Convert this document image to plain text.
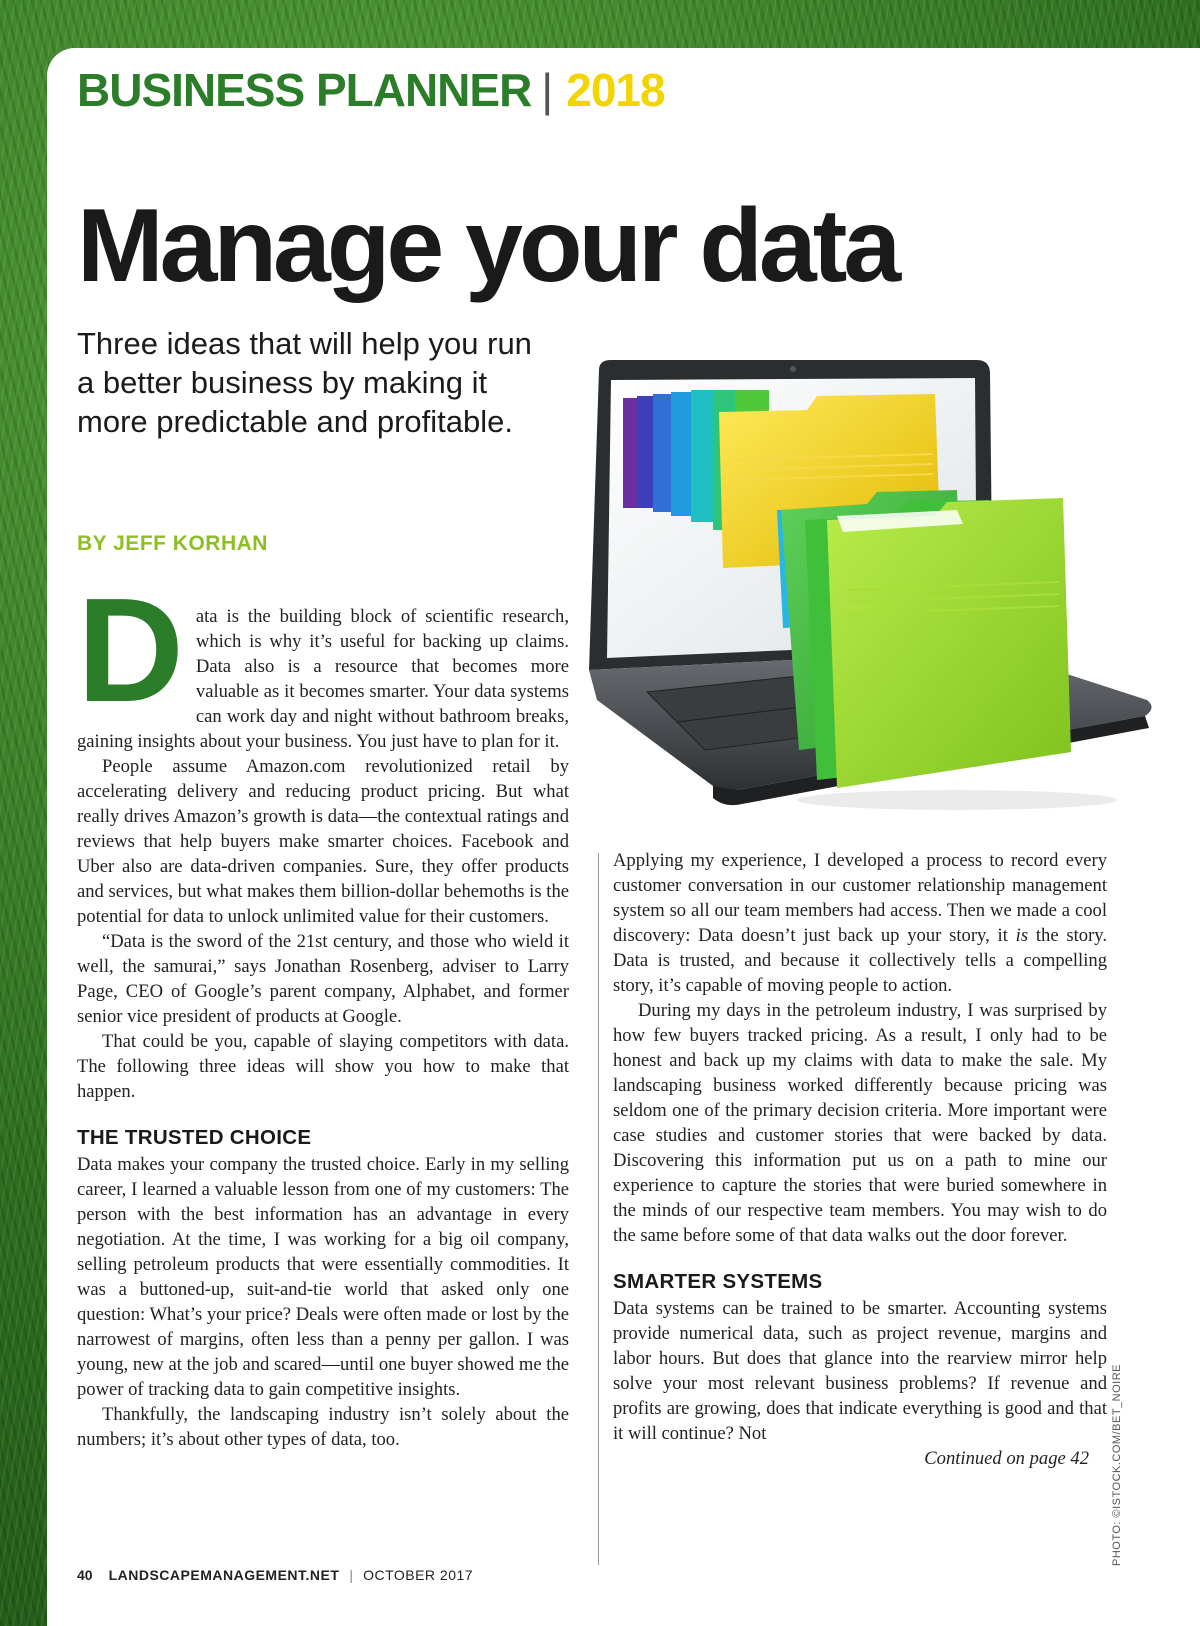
BUSINESS PLANNER | 2018
Manage your data
Three ideas that will help you run a better business by making it more predictable and profitable.
BY JEFF KORHAN
D ata is the building block of scientific research, which is why it’s useful for backing up claims. Data also is a resource that becomes more valuable as it becomes smarter. Your data systems can work day and night without bathroom breaks, gaining insights about your business. You just have to plan for it.

People assume Amazon.com revolutionized retail by accelerating delivery and reducing product pricing. But what really drives Amazon’s growth is data—the contextual ratings and reviews that help buyers make smarter choices. Facebook and Uber also are data-driven companies. Sure, they offer products and services, but what makes them billion-dollar behemoths is the potential for data to unlock unlimited value for their customers.

“Data is the sword of the 21st century, and those who wield it well, the samurai,” says Jonathan Rosenberg, adviser to Larry Page, CEO of Google’s parent company, Alphabet, and former senior vice president of products at Google.

That could be you, capable of slaying competitors with data. The following three ideas will show you how to make that happen.

THE TRUSTED CHOICE

Data makes your company the trusted choice. Early in my selling career, I learned a valuable lesson from one of my customers: The person with the best information has an advantage in every negotiation. At the time, I was working for a big oil company, selling petroleum products that were essentially commodities. It was a buttoned-up, suit-and-tie world that asked only one question: What’s your price? Deals were often made or lost by the narrowest of margins, often less than a penny per gallon. I was young, new at the job and scared—until one buyer showed me the power of tracking data to gain competitive insights.

Thankfully, the landscaping industry isn’t solely about the numbers; it’s about other types of data, too.

Applying my experience, I developed a process to record every customer conversation in our customer relationship management system so all our team members had access. Then we made a cool discovery: Data doesn’t just back up your story, it is the story. Data is trusted, and because it collectively tells a compelling story, it’s capable of moving people to action.

During my days in the petroleum industry, I was surprised by how few buyers tracked pricing. As a result, I only had to be honest and back up my claims with data to make the sale. My landscaping business worked differently because pricing was seldom one of the primary decision criteria. More important were case studies and customer stories that were backed by data. Discovering this information put us on a path to mine our experience to capture the stories that were buried somewhere in the minds of our respective team members. You may wish to do the same before some of that data walks out the door forever.

SMARTER SYSTEMS

Data systems can be trained to be smarter. Accounting systems provide numerical data, such as project revenue, margins and labor hours. But does that glance into the rearview mirror help solve your most relevant business problems? If revenue and profits are growing, does that indicate everything is good and that it will continue? Not

Continued on page 42	PHOTO: ©ISTOCK.COM/BET_NOIRE
40 LANDSCAPEMANAGEMENT.NET | OCTOBER 2017
